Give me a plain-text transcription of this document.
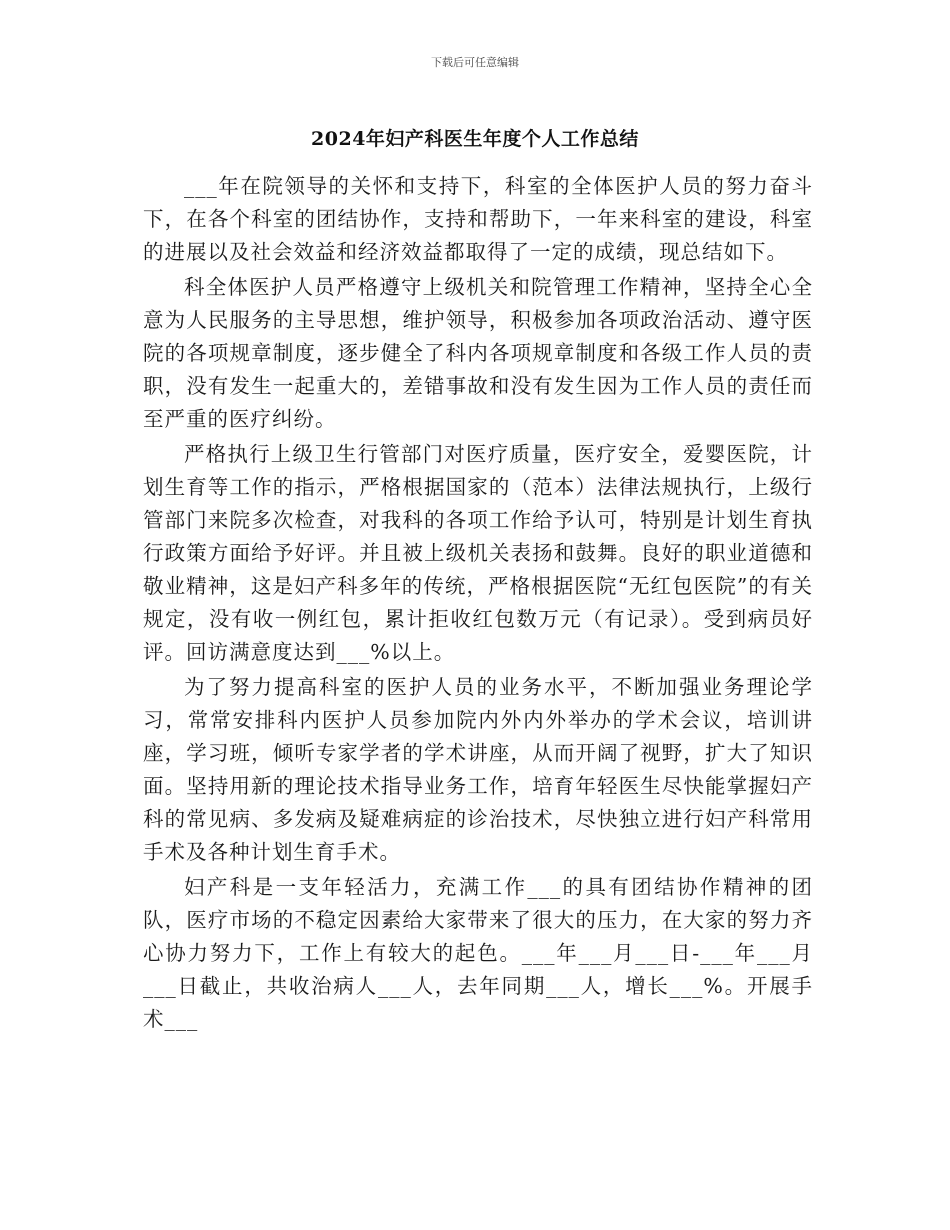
下载后可任意编辑
2024年妇产科医生年度个人工作总结

___年在院领导的关怀和支持下，科室的全体医护人员的努力奋斗下，在各个科室的团结协作，支持和帮助下，一年来科室的建设，科室的进展以及社会效益和经济效益都取得了一定的成绩，现总结如下。

科全体医护人员严格遵守上级机关和院管理工作精神，坚持全心全意为人民服务的主导思想，维护领导，积极参加各项政治活动、遵守医院的各项规章制度，逐步健全了科内各项规章制度和各级工作人员的责职，没有发生一起重大的，差错事故和没有发生因为工作人员的责任而至严重的医疗纠纷。

严格执行上级卫生行管部门对医疗质量，医疗安全，爱婴医院，计划生育等工作的指示，严格根据国家的（范本）法律法规执行，上级行管部门来院多次检查，对我科的各项工作给予认可，特别是计划生育执行政策方面给予好评。并且被上级机关表扬和鼓舞。良好的职业道德和敬业精神，这是妇产科多年的传统，严格根据医院“无红包医院”的有关规定，没有收一例红包，累计拒收红包数万元（有记录）。受到病员好评。回访满意度达到___%以上。

为了努力提高科室的医护人员的业务水平，不断加强业务理论学习，常常安排科内医护人员参加院内外内外举办的学术会议，培训讲座，学习班，倾听专家学者的学术讲座，从而开阔了视野，扩大了知识面。坚持用新的理论技术指导业务工作，培育年轻医生尽快能掌握妇产科的常见病、多发病及疑难病症的诊治技术，尽快独立进行妇产科常用手术及各种计划生育手术。

妇产科是一支年轻活力，充满工作___的具有团结协作精神的团队，医疗市场的不稳定因素给大家带来了很大的压力，在大家的努力齐心协力努力下，工作上有较大的起色。___年___月___日-___年___月___日截止，共收治病人___人，去年同期___人，增长___%。开展手术___
